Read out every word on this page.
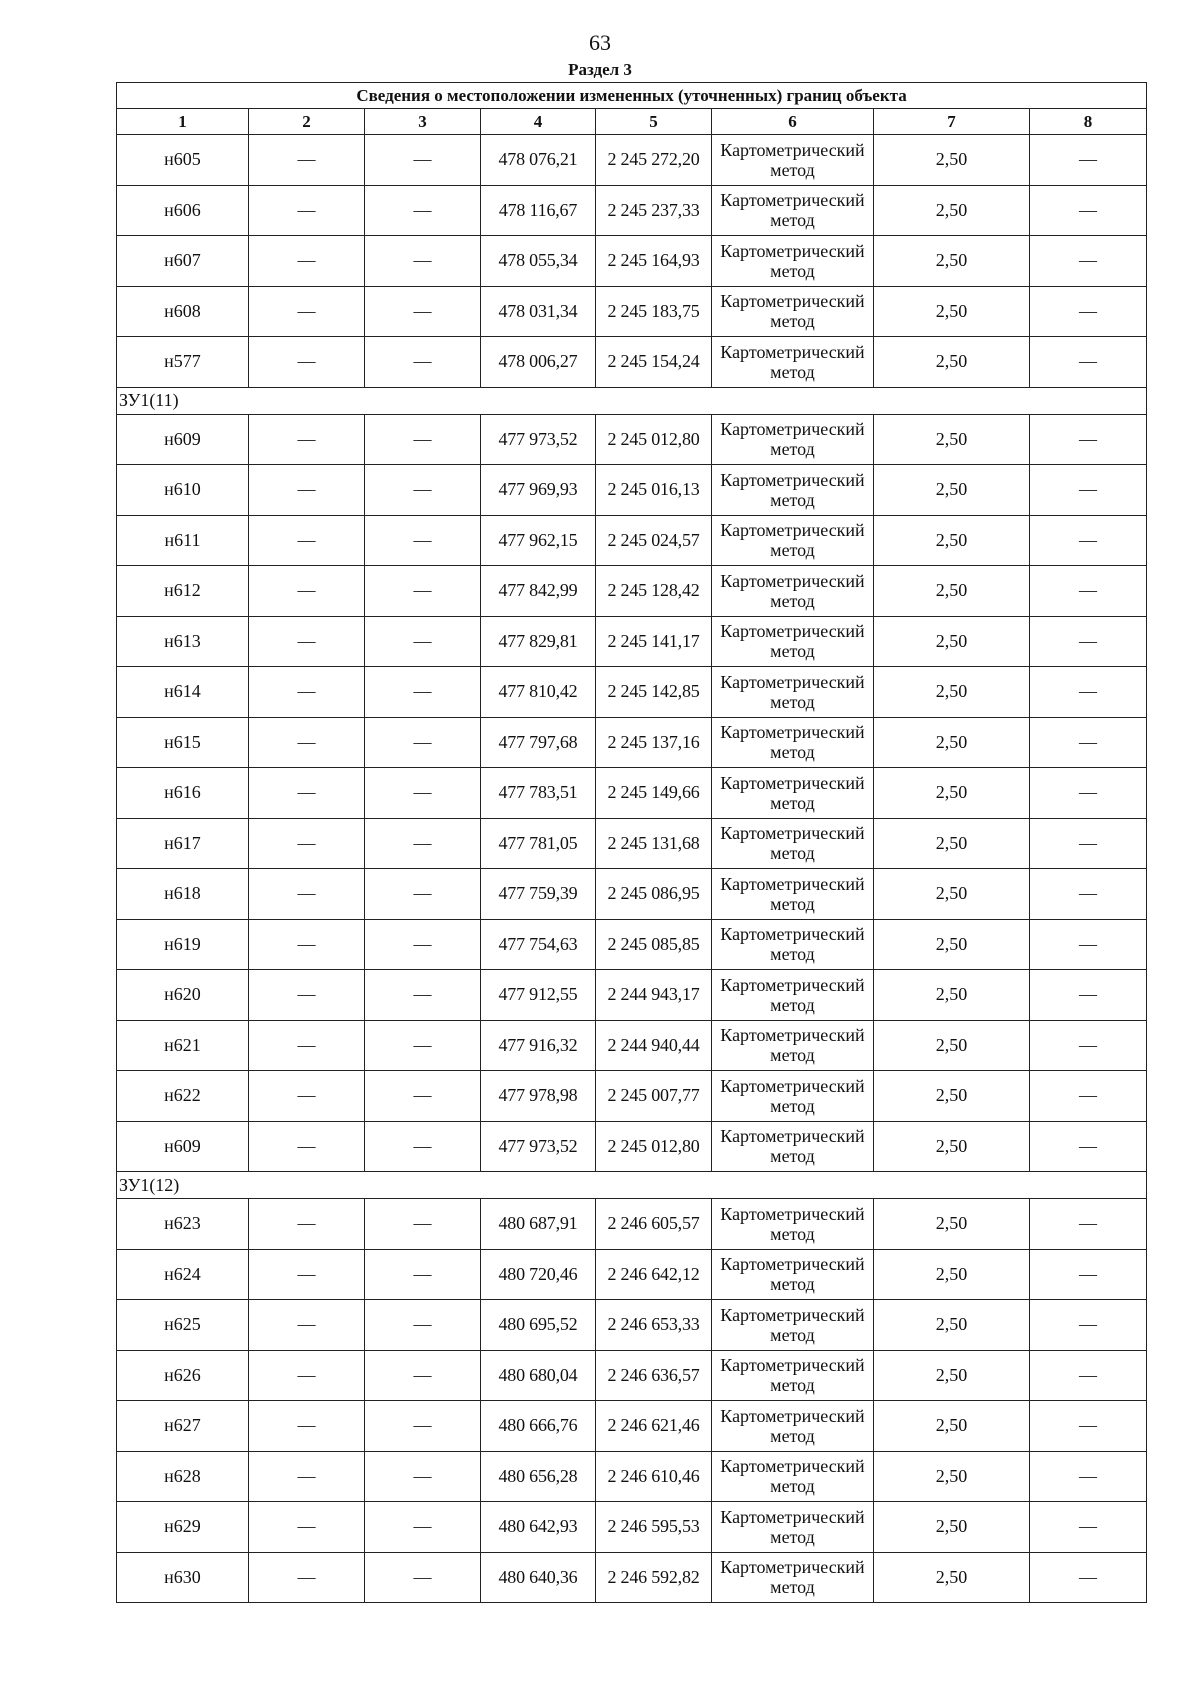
63
Раздел 3
Сведения о местоположении измененных (уточненных) границ объекта							
1	2	3	4	5	6	7	8
н605	—	—	478 076,21	2 245 272,20	Картометрический метод	2,50	—
н606	—	—	478 116,67	2 245 237,33	Картометрический метод	2,50	—
н607	—	—	478 055,34	2 245 164,93	Картометрический метод	2,50	—
н608	—	—	478 031,34	2 245 183,75	Картометрический метод	2,50	—
н577	—	—	478 006,27	2 245 154,24	Картометрический метод	2,50	—
ЗУ1(11)							
н609	—	—	477 973,52	2 245 012,80	Картометрический метод	2,50	—
н610	—	—	477 969,93	2 245 016,13	Картометрический метод	2,50	—
н611	—	—	477 962,15	2 245 024,57	Картометрический метод	2,50	—
н612	—	—	477 842,99	2 245 128,42	Картометрический метод	2,50	—
н613	—	—	477 829,81	2 245 141,17	Картометрический метод	2,50	—
н614	—	—	477 810,42	2 245 142,85	Картометрический метод	2,50	—
н615	—	—	477 797,68	2 245 137,16	Картометрический метод	2,50	—
н616	—	—	477 783,51	2 245 149,66	Картометрический метод	2,50	—
н617	—	—	477 781,05	2 245 131,68	Картометрический метод	2,50	—
н618	—	—	477 759,39	2 245 086,95	Картометрический метод	2,50	—
н619	—	—	477 754,63	2 245 085,85	Картометрический метод	2,50	—
н620	—	—	477 912,55	2 244 943,17	Картометрический метод	2,50	—
н621	—	—	477 916,32	2 244 940,44	Картометрический метод	2,50	—
н622	—	—	477 978,98	2 245 007,77	Картометрический метод	2,50	—
н609	—	—	477 973,52	2 245 012,80	Картометрический метод	2,50	—
ЗУ1(12)							
н623	—	—	480 687,91	2 246 605,57	Картометрический метод	2,50	—
н624	—	—	480 720,46	2 246 642,12	Картометрический метод	2,50	—
н625	—	—	480 695,52	2 246 653,33	Картометрический метод	2,50	—
н626	—	—	480 680,04	2 246 636,57	Картометрический метод	2,50	—
н627	—	—	480 666,76	2 246 621,46	Картометрический метод	2,50	—
н628	—	—	480 656,28	2 246 610,46	Картометрический метод	2,50	—
н629	—	—	480 642,93	2 246 595,53	Картометрический метод	2,50	—
н630	—	—	480 640,36	2 246 592,82	Картометрический метод	2,50	—
